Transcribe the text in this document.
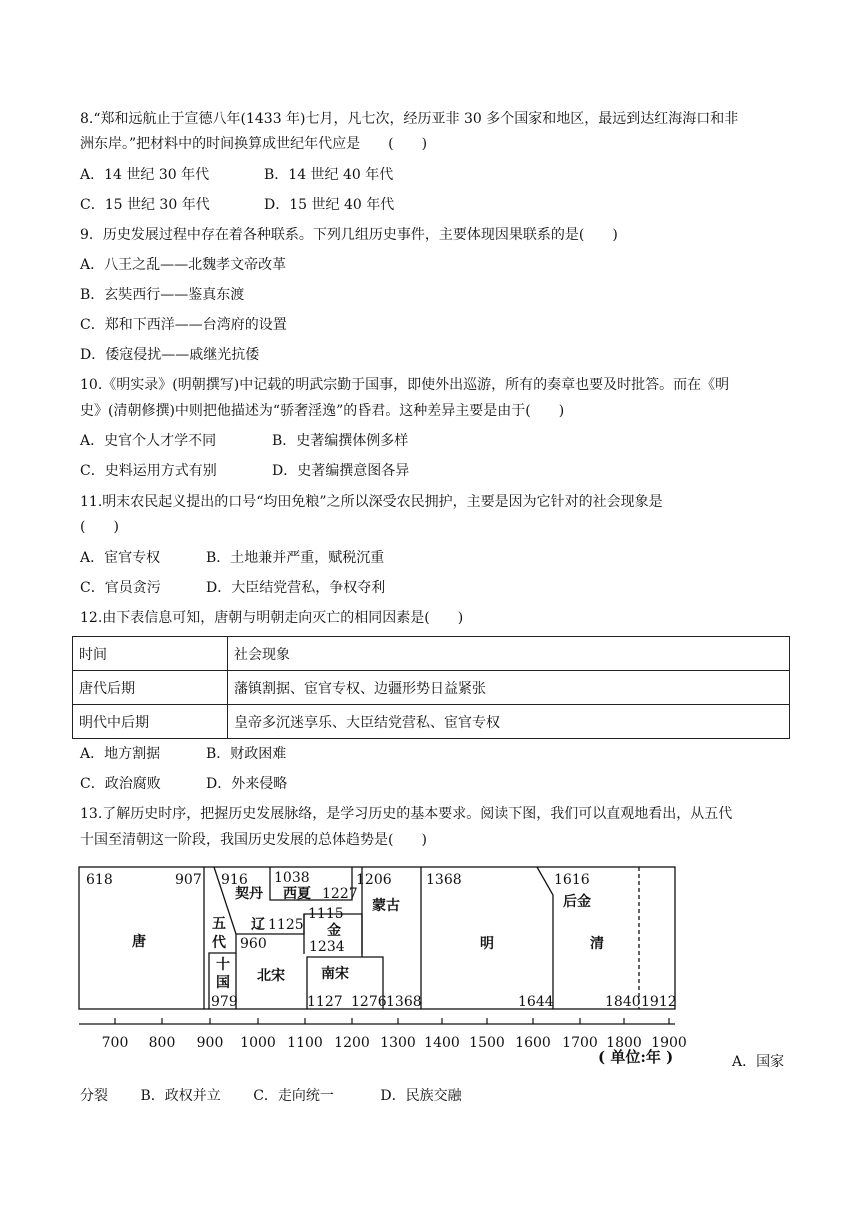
8.“郑和远航止于宣德八年(1433 年)七月，凡七次，经历亚非 30 多个国家和地区，最远到达红海海口和非
洲东岸。”把材料中的时间换算成世纪年代应是　　(　　)
A．14 世纪 30 年代	B．14 世纪 40 年代
C．15 世纪 30 年代	D．15 世纪 40 年代
9．历史发展过程中存在着各种联系。下列几组历史事件，主要体现因果联系的是(　　)
A．八王之乱——北魏孝文帝改革
B．玄奘西行——鉴真东渡
C．郑和下西洋——台湾府的设置
D．倭寇侵扰——戚继光抗倭
10.《明实录》(明朝撰写)中记载的明武宗勤于国事，即使外出巡游，所有的奏章也要及时批答。而在《明
史》(清朝修撰)中则把他描述为“骄奢淫逸”的昏君。这种差异主要是由于(　　)
A．史官个人才学不同	B．史著编撰体例多样
C．史料运用方式有别	D．史著编撰意图各异
11.明末农民起义提出的口号“均田免粮”之所以深受农民拥护，主要是因为它针对的社会现象是
(　　)
A．宦官专权	B．土地兼并严重，赋税沉重
C．官员贪污	D．大臣结党营私，争权夺利
12.由下表信息可知，唐朝与明朝走向灭亡的相同因素是(　　)
时间	社会现象
唐代后期	藩镇割据、宦官专权、边疆形势日益紧张
明代中后期	皇帝多沉迷享乐、大臣结党营私、宦官专权
A．地方割据	B．财政困难
C．政治腐败	D．外来侵略
13.了解历史时序，把握历史发展脉络，是学习历史的基本要求。阅读下图，我们可以直观地看出，从五代
十国至清朝这一阶段，我国历史发展的总体趋势是(　　)
618	907 916 1038
1227
1206
1125
1115
1234
960
979	1127 1276 1368
1368	1616
1644	1840 1912
唐
五
代
十
国
契丹
辽
西夏
金
蒙古
北宋	南宋
明
后金
清
700 800 900 1000 1100 1200 1300 1400 1500 1600 1700 1800 1900
( 单位:年 )	A．国家
分裂　　 B．政权并立　　 C．走向统一　　　 D．民族交融
